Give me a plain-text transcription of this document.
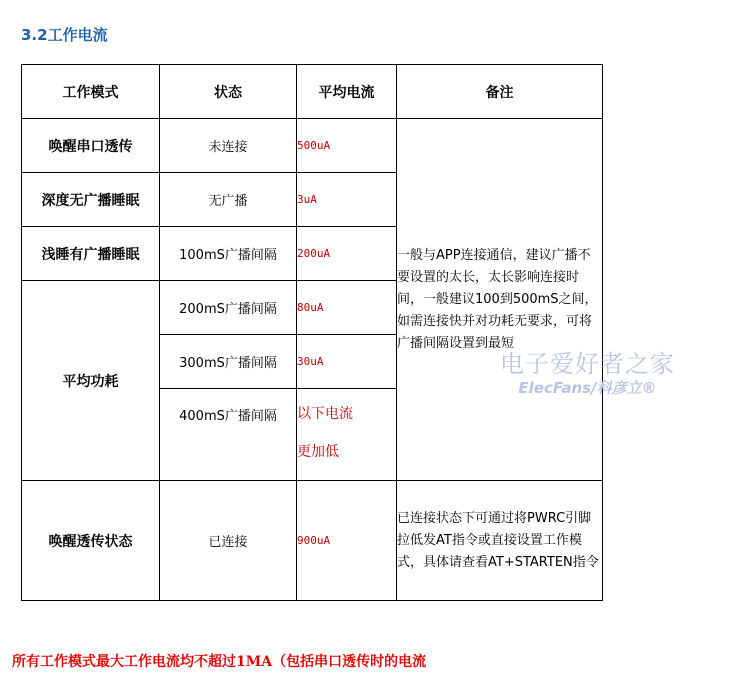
3.2工作电流
工作模式	状态	平均电流	备注
唤醒串口透传	未连接	500uA	一般与APP连接通信，建议广播不要设置的太长，太长影响连接时间，一般建议100到500mS之间， 如需连接快并对功耗无要求，可将广播间隔设置到最短
深度无广播睡眠	无广播	3uA	
浅睡有广播睡眠	100mS广播间隔	200uA	
平均功耗	200mS广播间隔	80uA	
	300mS广播间隔	30uA	
	400mS广播间隔	以下电流
更加低	

唤醒透传状态	已连接	900uA	已连接状态下可通过将PWRC引脚拉低发AT指令或直接设置工作模式，具体请查看AT+STARTEN指令
电子爱好者之家
ElecFans/科彦立®
所有工作模式最大工作电流均不超过1MA（包括串口透传时的电流
